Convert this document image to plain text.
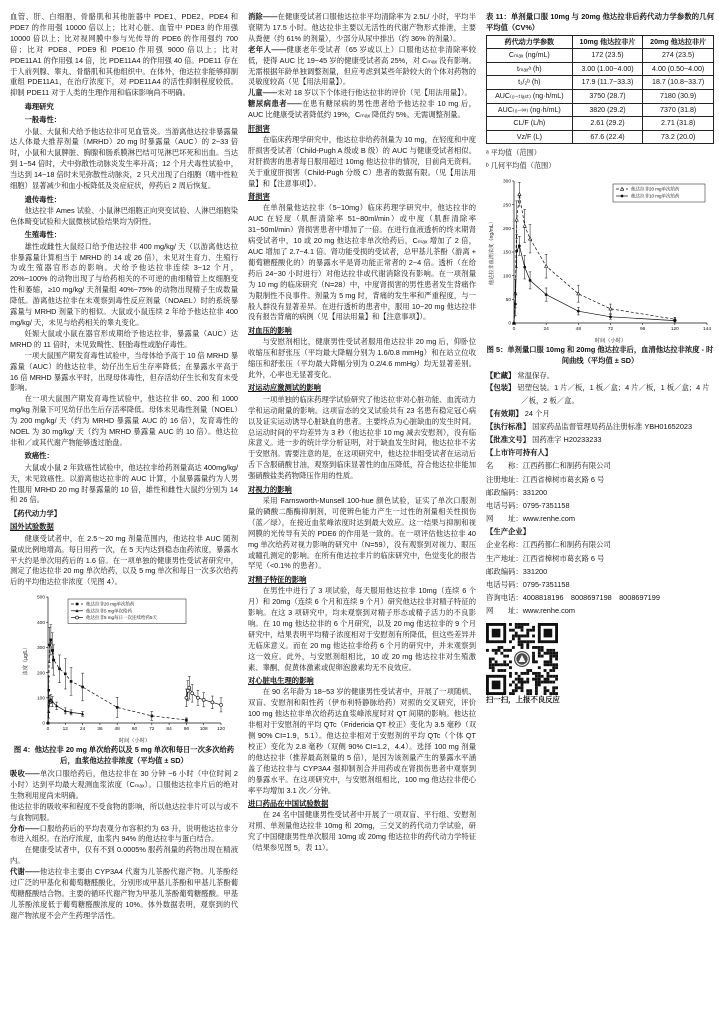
血管、肝、白细胞、骨骼肌和其他脏器中 PDE1、PDE2、PDE4 和 PDE7 的作用强 10000 倍以上；比对心脏、血管中 PDE3 的作用强 10000 倍以上；比对视网膜中参与光传导的 PDE6 的作用强约 700 倍；比对 PDE8、PDE9 和 PDE10 作用强 9000 倍以上；比对 PDE11A1 的作用强 14 倍，比 PDE11A4 的作用强 40 倍。PDE11 存在于人前列腺、睾丸、骨骼肌和其他组织中。在体外，他达拉非能够抑制重组 PDE11A1，在治疗浓度下，对 PDE11A4 的活性抑制程度较低。抑制 PDE11 对于人类的生理作用和临床影响尚不明确。

毒理研究

一般毒性：

小鼠、大鼠和犬给予他达拉非可见血管炎。当游离他达拉非暴露量达人体最大推荐剂量（MRHD）20 mg 时暴露量（AUC）的 2~33 倍时，小鼠和大鼠脾脏、胸腺和肠系膜淋巴结可见淋巴坏死和出血。当达到 1~54 倍时，犬中弥散性动脉炎发生率升高；12 个月犬毒性试验中，当达到 14~18 倍时未见弥散性动脉炎，2 只犬出现了白细胞（嗜中性粒细胞）显著减少和血小板降低及炎症症状，停药后 2 周后恢复。

遗传毒性：

他达拉非 Ames 试验、小鼠淋巴细胞正向突变试验、人淋巴细胞染色体畸变试验和大鼠微核试验结果均为阴性。

生殖毒性：

雄性或雌性大鼠经口给予他达拉非 400 mg/kg/ 天（以游离他达拉非暴露量计算相当于 MRHD 的 14 或 26 倍），未见对生育力、生殖行为或生殖器官形态的影响。犬给予他达拉非连续 3~12 个月，20%~100% 的动物出现了与给药相关的不可逆的曲细精管上皮细胞变性和萎缩，≥10 mg/kg/ 天剂量组 40%~75% 的动物出现精子生成数量降低。游离他达拉非在未观察到毒性反应剂量（NOAEL）时的系统暴露量与 MRHD 剂量下的相似。大鼠或小鼠连续 2 年给予他达拉非 400 mg/kg/ 天，未见与给药相关的睾丸变化。

妊娠大鼠或小鼠在器官形成期给予他达拉非，暴露量（AUC）达 MRHD 的 11 倍时，未见致畸性、胚胎毒性或胎仔毒性。

一项大鼠围产期发育毒性试验中，当母体给予高于 10 倍 MRHD 暴露量（AUC）的他达拉非，幼仔出生后生存率降低；在暴露水平高于 16 倍 MRHD 暴露水平时，出现母体毒性，但存活幼仔生长和发育未受影响。

在一项大鼠围产期发育毒性试验中，他达拉非 60、200 和 1000 mg/kg 剂量下可见幼仔出生后存活率降低。母体未见毒性剂量（NOEL）为 200 mg/kg/ 天（约为 MRHD 暴露量 AUC 的 16 倍），发育毒性的 NOEL 为 30 mg/kg/ 天（约为 MRHD 暴露量 AUC 的 10 倍）。他达拉非和／或其代谢产物能够透过胎盘。

致癌性：

大鼠或小鼠 2 年致癌性试验中，他达拉非给药剂量高达 400mg/kg/ 天，未见致癌性。以游离他达拉非的 AUC 计算，小鼠暴露量约为人男性服用 MRHD 20 mg 时暴露量的 10 倍，雄性和雌性大鼠约分别为 14 和 26 倍。

【药代动力学】

国外试验数据

健康受试者中，在 2.5～20 mg 剂量范围内，他达拉非 AUC 随剂量成比例地增高。每日用药一次，在 5 天内达到稳态血药浓度，暴露水平大约是单次用药后的 1.6 倍。在一项单独的健康男性受试者研究中，测定了他达拉非 20 mg 单次给药，以及 5 mg 单次和每日一次多次给药后的平均他达拉非浓度（见图 4）。

0
100
200
300
400
500
0	12 24 36 48 60 72 84 96 108 120
时间（小时）
浓度（μg/L）
他达拉非20 mg单次给药
他达拉非5 mg单次给药
他达拉非5 mg每日一次连续给药5天

图 4：他达拉非 20 mg 单次给药以及 5 mg 单次和每日一次多次给药后，血浆他达拉非浓度（平均值 ± SD）

吸收——单次口服给药后，他达拉非在 30 分钟 ~6 小时（中位时间 2 小时）达到平均最大观测血浆浓度（Cₘₐₓ）。口服他达拉非片后的绝对生物利用度尚未明确。

他达拉非的吸收率和程度不受食物的影响，所以他达拉非片可以与或不与食物同服。

分布——口服给药后的平均表观分布容积约为 63 升，说明他达拉非分布进入组织。在治疗浓度，血浆内 94% 的他达拉非与蛋白结合。

在健康受试者中，仅有不到 0.0005% 服药剂量的药物出现在精液内。

代谢——他达拉非主要由 CYP3A4 代谢为儿茶酚代谢产物。儿茶酚经过广泛的甲基化和葡萄糖醛酸化，分别形成甲基儿茶酚和甲基儿茶酚葡萄糖醛酸结合物。主要的循环代谢产物为甲基儿茶酚葡萄糖醛酸。甲基儿茶酚浓度低于葡萄糖醛酸浓度的 10%。体外数据表明，观察到的代谢产物浓度不会产生药理学活性。

消除——在健康受试者口服他达拉非平均清除率为 2.5L/ 小时，平均半衰期为 17.5 小时。他达拉非主要以无活性的代谢产物形式排泄，主要从粪便（约 61% 的剂量），少部分从尿中排出（约 36% 的剂量）。

老年人——健康老年受试者（65 岁或以上）口服他达拉非清除率较低，使得 AUC 比 19~45 岁的健康受试者高 25%，对 Cₘₐₓ 没有影响。无需根据年龄单独调整剂量，但应考虑到某些年龄较大的个体对药物的灵敏度较高（见【用法用量】）。

儿童——未对 18 岁以下个体进行他达拉非的评价（见【用法用量】）。

糖尿病患者——在患有糖尿病的男性患者给予他达拉非 10 mg 后，AUC 比健康受试者降低约 19%，Cₘₐₓ 降低约 5%。无需调整剂量。

肝损害

在临床药理学研究中，他达拉非给药剂量为 10 mg，在轻度和中度肝损害受试者（Child-Pugh A 级或 B 级）的 AUC 与健康受试者相似。对肝损害的患者每日服用超过 10mg 他达拉非的情况，目前尚无资料。关于重度肝损害（Child-Pugh 分级 C）患者的数据有限。（见【用法用量】和【注意事项】）。

肾损害

在单剂量他达拉非（5~10mg）临床药理学研究中，他达拉非的 AUC 在轻度（肌酐清除率 51~80ml/min）或中度（肌酐清除率 31~50ml/min）肾损害患者中增加了一倍。在进行血液透析的终末期肾病受试者中，10 或 20 mg 他达拉非单次给药后，Cₘₐₓ 增加了 2 倍，AUC 增加了 2.7~4.1 倍。肾功能受损的受试者，总甲基儿茶酚（游离 + 葡萄糖醛酸化的）的暴露水平是肾功能正常者的 2~4 倍。透析（在给药后 24~30 小时进行）对他达拉非或代谢消除没有影响。在一项剂量为 10 mg 的临床研究（N=28）中，中度肾损害的男性患者发生背痛作为限制性不良事件。剂量为 5 mg 时，背痛的发生率和严重程度，与一般人群没有显著差异。在进行透析的患者中，服用 10~20 mg 他达拉非没有报告背痛的病例（见【用法用量】和【注意事项】）。

对血压的影响

与安慰剂相比，健康男性受试者服用他达拉非 20 mg 后，仰卧位收缩压和舒张压（平均最大降幅分别为 1.6/0.8 mmHg）和在站立位收缩压和舒张压（平均最大降幅分别为 0.2/4.6 mmHg）均无显著差别。此外，心率也无显著变化。

对运动应激测试的影响

一项单独的临床药理学试验研究了他达拉非对心脏功能、血流动力学和运动耐量的影响。这项盲态的交叉试验共有 23 名患有稳定冠心病以及证实运动诱导心脏缺血的患者。主要终点为心脏缺血的发生时间。总运动时间的平均差异为 3 秒（他达拉非 10 mg 减去安慰剂），没有临床意义。进一步的统计学分析证明，对于缺血发生时间，他达拉非不劣于安慰剂。需要注意的是，在这项研究中，他达拉非组受试者在运动后舌下含服硝酸甘油，观察到临床显著性的血压降低，符合他达拉非能加强硝酸盐类药物降压作用的性质。

对视力的影响

采用 Farnsworth-Munsell 100-hue 颜色试验，证实了单次口服剂量的磷酸二酯酶抑制剂，可使辨色能力产生一过性的剂量相关性损伤（蓝／绿），在接近血浆峰浓度时达到最大效应。这一结果与抑制和视网膜的光传导有关的 PDE6 的作用是一致的。在一项评估他达拉非 40 mg 单次给药对视力影响的研究中（N=59），没有观察到对视力、眼压或瞳孔测定的影响。在所有他达拉非片的临床研究中，色觉变化的报告罕见（<0.1% 的患者）。

对精子特征的影响

在男性中进行了 3 项试验，每天服用他达拉非 10mg（连续 6 个月）和 20mg（连续 6 个月和连续 9 个月）研究他达拉非对精子特征的影响。在这 3 项研究中，均未观察到对精子形态或精子活力的不良影响。在 10 mg 他达拉非的 6 个月研究，以及 20 mg 他达拉非的 9 个月研究中，结果表明平均精子浓度相对于安慰剂有所降低，但这些差异并无临床意义。而在 20 mg 他达拉非给药 6 个月的研究中，并未观察到这一效应。此外，与安慰剂组相比，10 或 20 mg 他达拉非对生殖激素、睾酮、促黄体激素或促卵泡激素均无不良效应。

对心脏电生理的影响

在 90 名年龄为 18~53 岁的健康男性受试者中，开展了一项随机、双盲、安慰剂和阳性药（伊布利特静脉给药）对照的交叉研究，评价 100 mg 他达拉非单次给药达血浆峰浓度时对 QT 间期的影响。他达拉非相对于安慰剂的平均 QTc（Fridericia QT 校正）变化为 3.5 毫秒（双侧 90% CI=1.9，5.1）。他达拉非相对于安慰剂的平均 QTc（个体 QT 校正）变化为 2.8 毫秒（双侧 90% CI=1.2，4.4）。选择 100 mg 剂量的他达拉非（推荐最高剂量的 5 倍），是因为该剂量产生的暴露水平涵盖了他达拉非与 CYP3A4 强抑制剂合并用药或在肾损伤患者中观察到的暴露水平。在这项研究中，与安慰剂组相比，100 mg 他达拉非使心率平均增加 3.1 次／分钟。

进口药品在中国试验数据

在 24 名中国健康男性受试者中开展了一项双盲、平行组、安慰剂对照、单剂量他达拉非 10mg 和 20mg，三交叉的药代动力学试验，研究了中国健康男性单次服用 10mg 或 20mg 他达拉非的药代动力学特征（结果参见图 5，表 11）。

表 11：单剂量口服 10mg 与 20mg 他达拉非后药代动力学参数的几何平均值（CV%）

药代动力学参数	10mg 他达拉非片	20mg 他达拉非片
Cₘₐₓ (ng/mL)	172 (23.5)	274 (23.5)
tₘₐₓᵃ (h)	3.00 (1.00~4.00)	4.00 (0.50~4.00)
t₁/₂ᵇ (h)	17.9 (11.7~33.3)	18.7 (10.8~33.7)
AUC₍₀₋ₜₗₐₛₜ₎ (ng·h/mL)	3750 (28.7)	7180 (30.9)
AUC₍₀₋∞₎ (ng·h/mL)	3820 (29.2)	7370 (31.8)
CL/F (L/h)	2.61 (29.2)	2.71 (31.8)
Vz/F (L)	67.6 (22.4)	73.2 (20.0)

ᵃ 平均值（范围）

ᵇ 几何平均值（范围）

0
50
100
150
200
250
300
0	24	48	72	96	120	144
时间（小时）
他达拉非血清浓度（ng/mL）
他达拉非20 mg单次给药
他达拉非10 mg单次给药

图 5：单剂量口服 10mg 和 20mg 他达拉非后，血清他达拉非浓度 - 时间曲线（平均值 ± SD）

【贮藏】 常温保存。

【包装】 铝塑包装。1 片／板，1 板／盒；4 片／板，1 板／盒；4 片／板，2 板／盒。

【有效期】 24 个月

【执行标准】 国家药品监督管理局药品注册标准 YBH01652023

【批准文号】 国药准字 H20233233

【上市许可持有人】

名　　称：江西药都仁和制药有限公司

注册地址：江西省樟树市葛玄路 6 号

邮政编码：331200

电话号码：0795-7351158

网　　址：www.renhe.com

【生产企业】

企业名称：江西药都仁和制药有限公司

生产地址：江西省樟树市葛玄路 6 号

邮政编码：331200

电话号码：0795-7351158

咨询电话：4008818196　8008697198　8008697199

网　　址：www.renhe.com

扫一扫，上报不良反应
